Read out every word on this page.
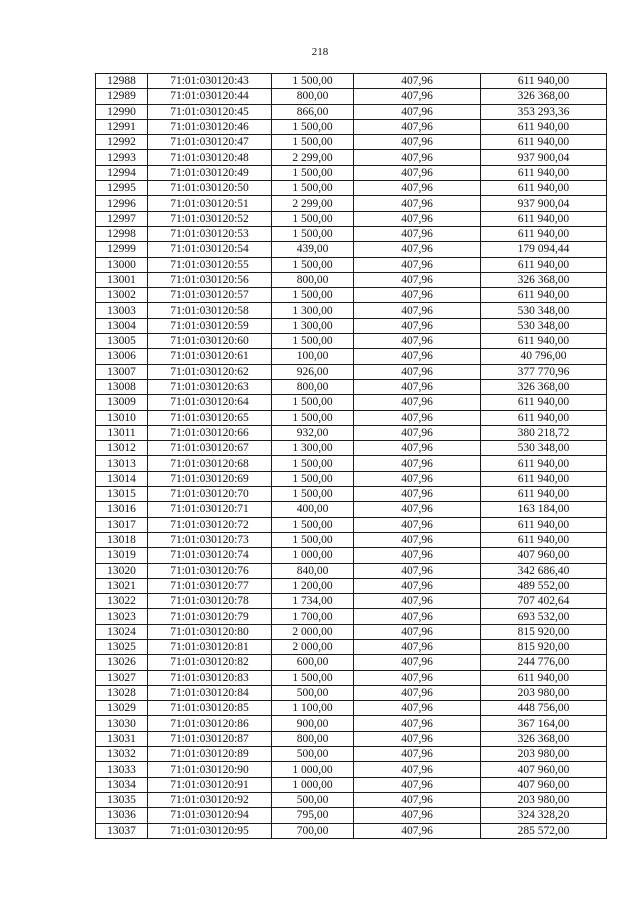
218
12988	71:01:030120:43	1 500,00	407,96	611 940,00
12989	71:01:030120:44	800,00	407,96	326 368,00
12990	71:01:030120:45	866,00	407,96	353 293,36
12991	71:01:030120:46	1 500,00	407,96	611 940,00
12992	71:01:030120:47	1 500,00	407,96	611 940,00
12993	71:01:030120:48	2 299,00	407,96	937 900,04
12994	71:01:030120:49	1 500,00	407,96	611 940,00
12995	71:01:030120:50	1 500,00	407,96	611 940,00
12996	71:01:030120:51	2 299,00	407,96	937 900,04
12997	71:01:030120:52	1 500,00	407,96	611 940,00
12998	71:01:030120:53	1 500,00	407,96	611 940,00
12999	71:01:030120:54	439,00	407,96	179 094,44
13000	71:01:030120:55	1 500,00	407,96	611 940,00
13001	71:01:030120:56	800,00	407,96	326 368,00
13002	71:01:030120:57	1 500,00	407,96	611 940,00
13003	71:01:030120:58	1 300,00	407,96	530 348,00
13004	71:01:030120:59	1 300,00	407,96	530 348,00
13005	71:01:030120:60	1 500,00	407,96	611 940,00
13006	71:01:030120:61	100,00	407,96	40 796,00
13007	71:01:030120:62	926,00	407,96	377 770,96
13008	71:01:030120:63	800,00	407,96	326 368,00
13009	71:01:030120:64	1 500,00	407,96	611 940,00
13010	71:01:030120:65	1 500,00	407,96	611 940,00
13011	71:01:030120:66	932,00	407,96	380 218,72
13012	71:01:030120:67	1 300,00	407,96	530 348,00
13013	71:01:030120:68	1 500,00	407,96	611 940,00
13014	71:01:030120:69	1 500,00	407,96	611 940,00
13015	71:01:030120:70	1 500,00	407,96	611 940,00
13016	71:01:030120:71	400,00	407,96	163 184,00
13017	71:01:030120:72	1 500,00	407,96	611 940,00
13018	71:01:030120:73	1 500,00	407,96	611 940,00
13019	71:01:030120:74	1 000,00	407,96	407 960,00
13020	71:01:030120:76	840,00	407,96	342 686,40
13021	71:01:030120:77	1 200,00	407,96	489 552,00
13022	71:01:030120:78	1 734,00	407,96	707 402,64
13023	71:01:030120:79	1 700,00	407,96	693 532,00
13024	71:01:030120:80	2 000,00	407,96	815 920,00
13025	71:01:030120:81	2 000,00	407,96	815 920,00
13026	71:01:030120:82	600,00	407,96	244 776,00
13027	71:01:030120:83	1 500,00	407,96	611 940,00
13028	71:01:030120:84	500,00	407,96	203 980,00
13029	71:01:030120:85	1 100,00	407,96	448 756,00
13030	71:01:030120:86	900,00	407,96	367 164,00
13031	71:01:030120:87	800,00	407,96	326 368,00
13032	71:01:030120:89	500,00	407,96	203 980,00
13033	71:01:030120:90	1 000,00	407,96	407 960,00
13034	71:01:030120:91	1 000,00	407,96	407 960,00
13035	71:01:030120:92	500,00	407,96	203 980,00
13036	71:01:030120:94	795,00	407,96	324 328,20
13037	71:01:030120:95	700,00	407,96	285 572,00
